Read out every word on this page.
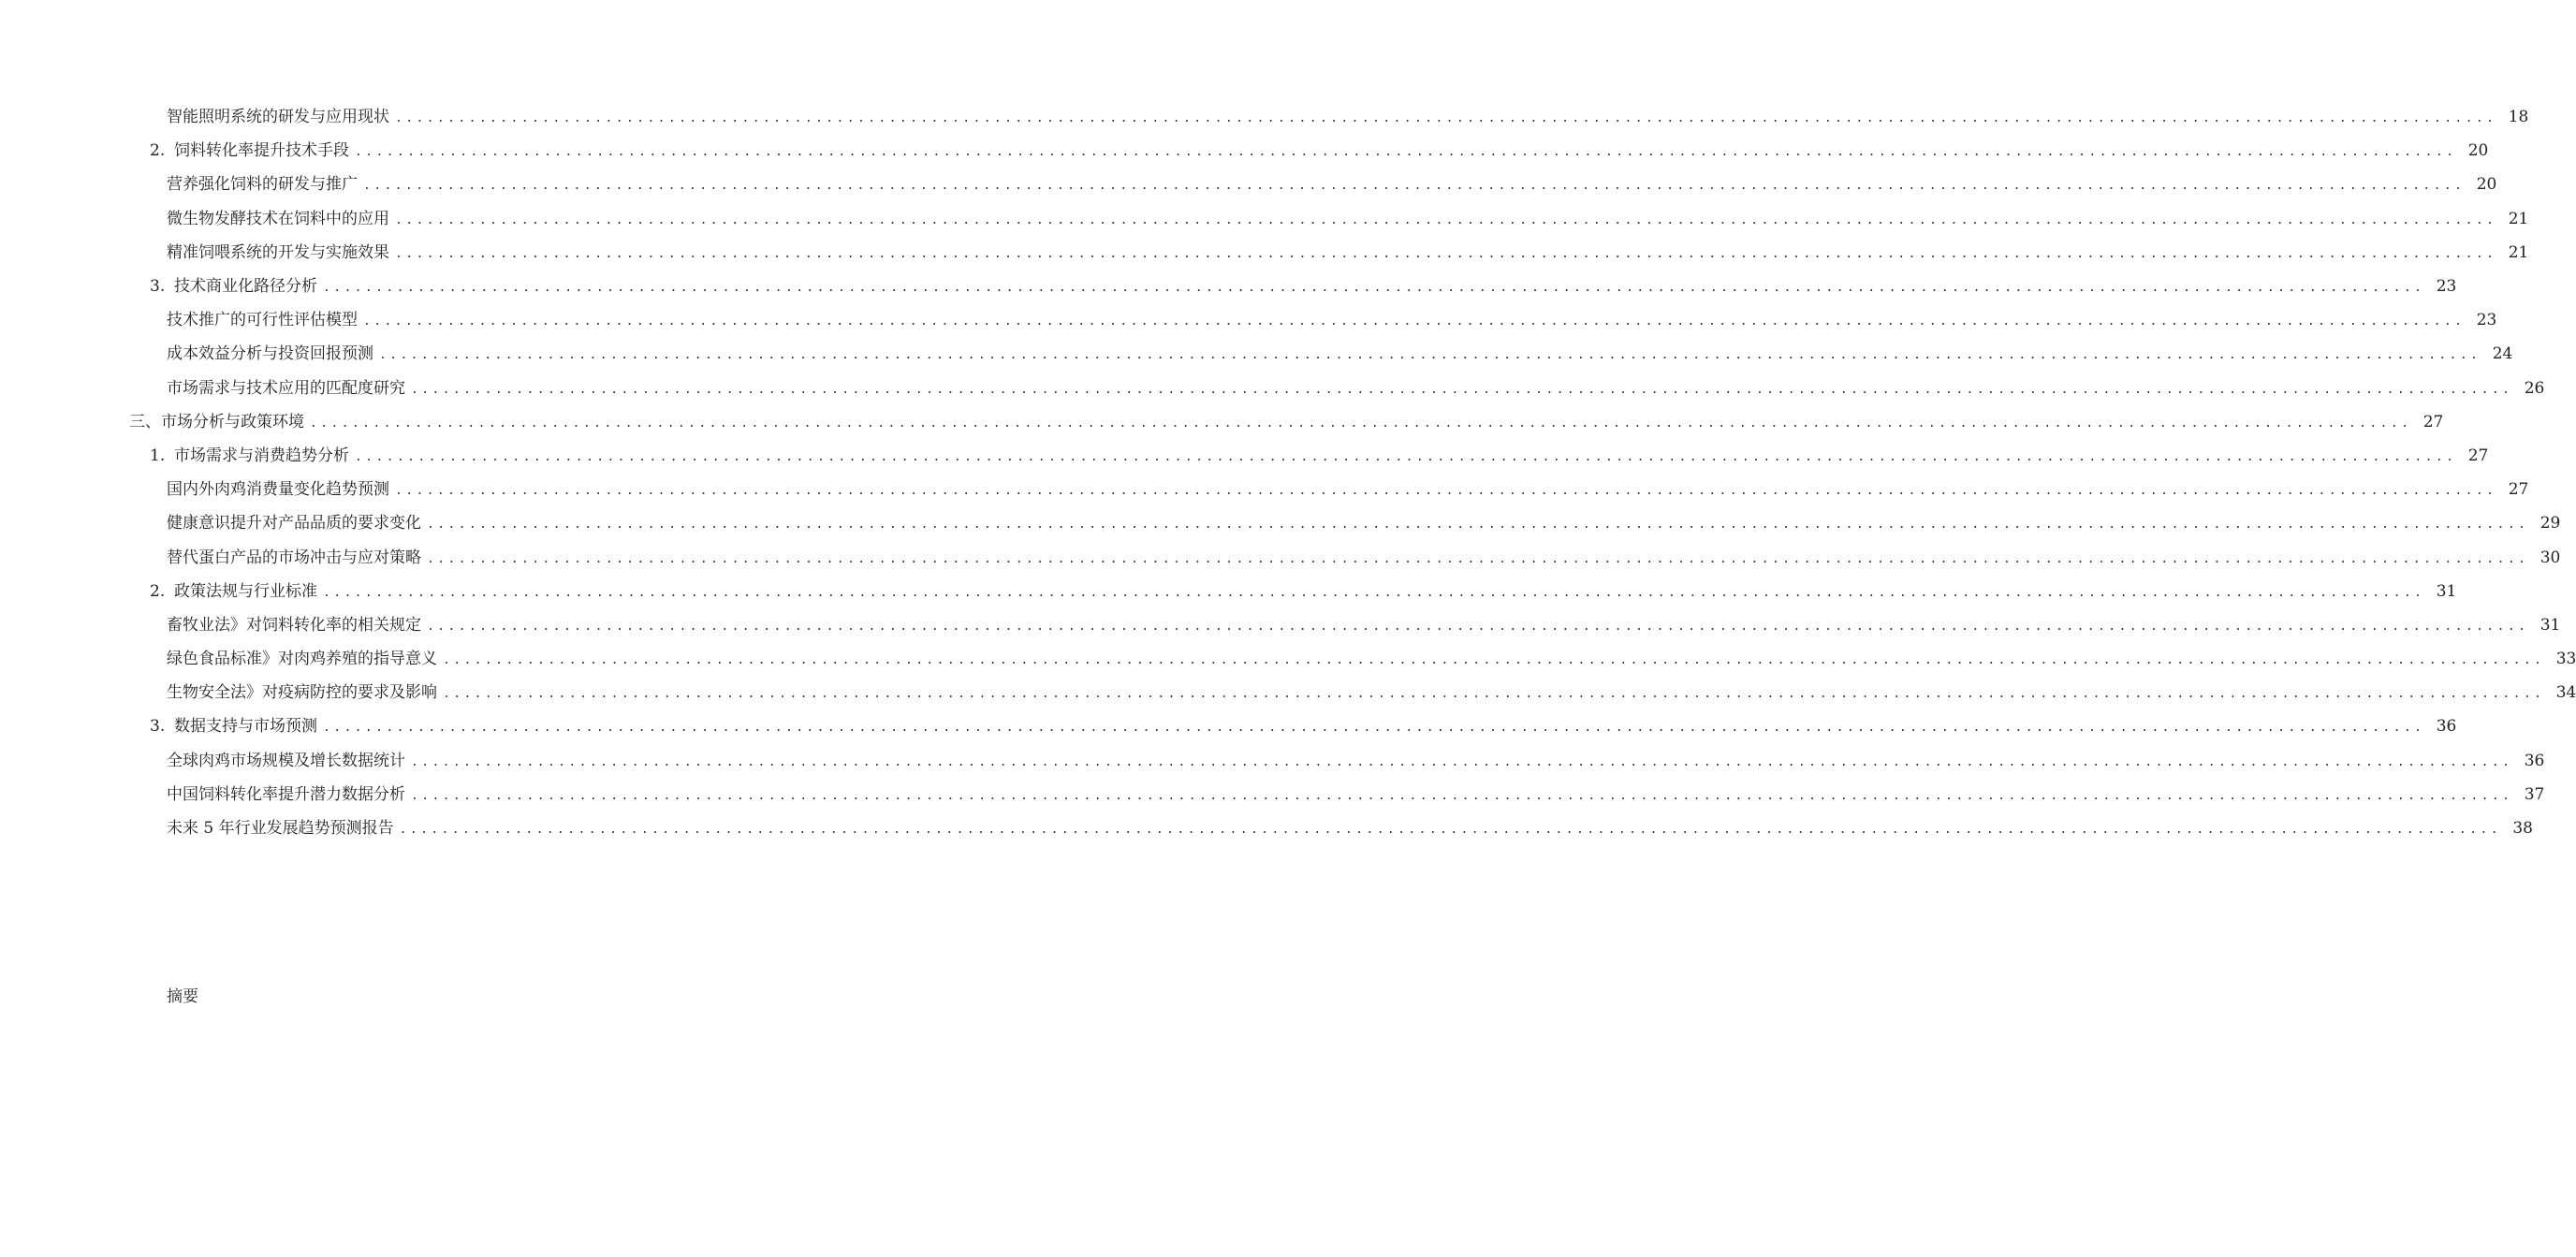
智能照明系统的研发与应用现状 ........................................................................................................................................................................................................ 18
2. 饲料转化率提升技术手段 ........................................................................................................................................................................................................ 20
营养强化饲料的研发与推广 ........................................................................................................................................................................................................ 20
微生物发酵技术在饲料中的应用 ........................................................................................................................................................................................................ 21
精准饲喂系统的开发与实施效果 ........................................................................................................................................................................................................ 21
3. 技术商业化路径分析 ........................................................................................................................................................................................................ 23
技术推广的可行性评估模型 ........................................................................................................................................................................................................ 23
成本效益分析与投资回报预测 ........................................................................................................................................................................................................ 24
市场需求与技术应用的匹配度研究 ........................................................................................................................................................................................................ 26
三、市场分析与政策环境 ........................................................................................................................................................................................................ 27
1. 市场需求与消费趋势分析 ........................................................................................................................................................................................................ 27
国内外肉鸡消费量变化趋势预测 ........................................................................................................................................................................................................ 27
健康意识提升对产品品质的要求变化 ........................................................................................................................................................................................................ 29
替代蛋白产品的市场冲击与应对策略 ........................................................................................................................................................................................................ 30
2. 政策法规与行业标准 ........................................................................................................................................................................................................ 31
畜牧业法》对饲料转化率的相关规定 ........................................................................................................................................................................................................ 31
绿色食品标准》对肉鸡养殖的指导意义 ........................................................................................................................................................................................................ 33
生物安全法》对疫病防控的要求及影响 ........................................................................................................................................................................................................ 34
3. 数据支持与市场预测 ........................................................................................................................................................................................................ 36
全球肉鸡市场规模及增长数据统计 ........................................................................................................................................................................................................ 36
中国饲料转化率提升潜力数据分析 ........................................................................................................................................................................................................ 37
未来 5 年行业发展趋势预测报告 ........................................................................................................................................................................................................ 38
摘要
